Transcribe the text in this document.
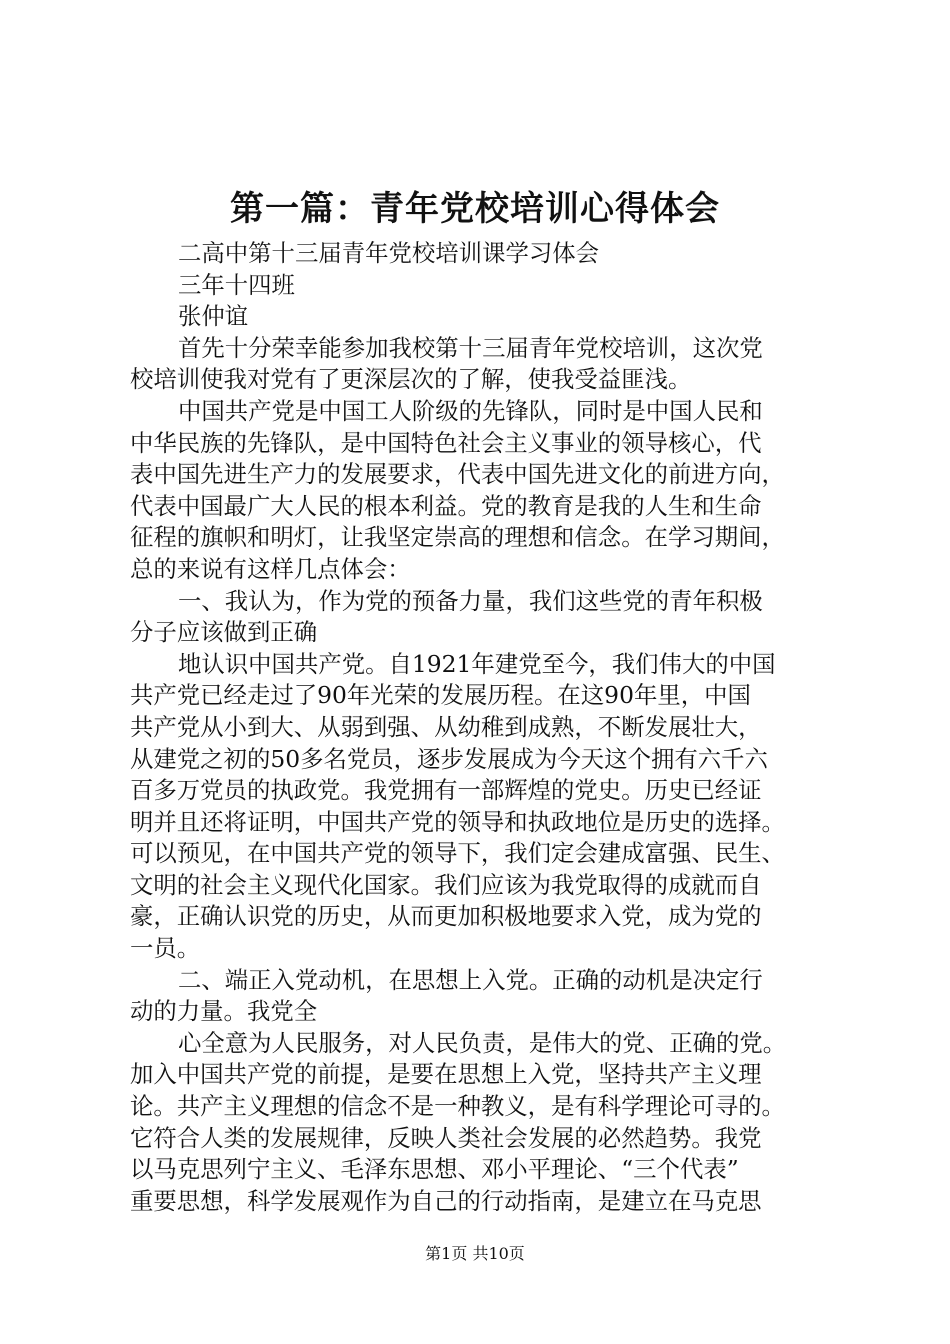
第一篇：青年党校培训心得体会
二高中第十三届青年党校培训课学习体会
三年十四班
张仲谊
首先十分荣幸能参加我校第十三届青年党校培训，这次党
校培训使我对党有了更深层次的了解，使我受益匪浅。
中国共产党是中国工人阶级的先锋队，同时是中国人民和
中华民族的先锋队，是中国特色社会主义事业的领导核心，代
表中国先进生产力的发展要求，代表中国先进文化的前进方向，
代表中国最广大人民的根本利益。党的教育是我的人生和生命
征程的旗帜和明灯，让我坚定崇高的理想和信念。在学习期间，
总的来说有这样几点体会：
一、我认为，作为党的预备力量，我们这些党的青年积极
分子应该做到正确
地认识中国共产党。自1921年建党至今，我们伟大的中国
共产党已经走过了90年光荣的发展历程。在这90年里，中国
共产党从小到大、从弱到强、从幼稚到成熟，不断发展壮大，
从建党之初的50多名党员，逐步发展成为今天这个拥有六千六
百多万党员的执政党。我党拥有一部辉煌的党史。历史已经证
明并且还将证明，中国共产党的领导和执政地位是历史的选择。
可以预见，在中国共产党的领导下，我们定会建成富强、民生、
文明的社会主义现代化国家。我们应该为我党取得的成就而自
豪，正确认识党的历史，从而更加积极地要求入党，成为党的
一员。
二、端正入党动机，在思想上入党。正确的动机是决定行
动的力量。我党全
心全意为人民服务，对人民负责，是伟大的党、正确的党。
加入中国共产党的前提，是要在思想上入党，坚持共产主义理
论。共产主义理想的信念不是一种教义，是有科学理论可寻的。
它符合人类的发展规律，反映人类社会发展的必然趋势。我党
以马克思列宁主义、毛泽东思想、邓小平理论、“三个代表”
重要思想，科学发展观作为自己的行动指南，是建立在马克思
第1页 共10页
